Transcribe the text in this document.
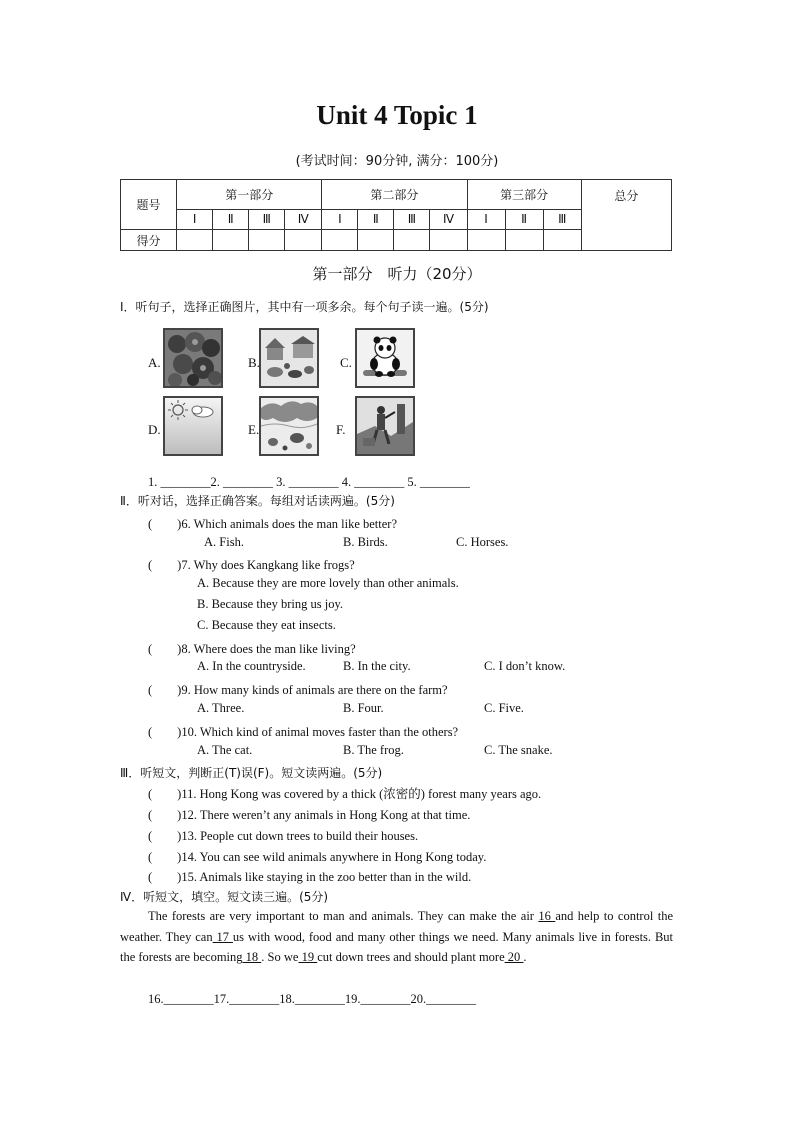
Unit 4 Topic 1
(考试时间：90分钟, 满分：100分)
题号	第一部分				第二部分				第三部分			总分
	Ⅰ	Ⅱ	Ⅲ	Ⅳ	Ⅰ	Ⅱ	Ⅲ	Ⅳ	Ⅰ	Ⅱ	Ⅲ	
得分												
第一部分　听力（20分）
Ⅰ．听句子，选择正确图片，其中有一项多余。每个句子读一遍。(5分)
A.	B.	C.
D.	E.	F.
1. ________2. ________ 3. ________ 4. ________ 5. ________
Ⅱ．听对话，选择正确答案。每组对话读两遍。(5分)
(　　)6. Which animals does the man like better?
A. Fish.	B. Birds.	C. Horses.
(　　)7. Why does Kangkang like frogs?
A. Because they are more lovely than other animals.
B. Because they bring us joy.
C. Because they eat insects.
(　　)8. Where does the man like living?
A. In the countryside.	B. In the city.	C. I don’t know.
(　　)9. How many kinds of animals are there on the farm?
A. Three.	B. Four.	C. Five.
(　　)10. Which kind of animal moves faster than the others?
A. The cat.	B. The frog.	C. The snake.
Ⅲ．听短文，判断正(T)误(F)。短文读两遍。(5分)
(　　)11. Hong Kong was covered by a thick (浓密的) forest many years ago.
(　　)12. There weren’t any animals in Hong Kong at that time.
(　　)13. People cut down trees to build their houses.
(　　)14. You can see wild animals anywhere in Hong Kong today.
(　　)15. Animals like staying in the zoo better than in the wild.
Ⅳ．听短文，填空。短文读三遍。(5分)
The forests are very important to man and animals. They can make the air 16 and help to control the weather. They can 17 us with wood, food and many other things we need. Many animals live in forests. But the forests are becoming 18 . So we 19 cut down trees and should plant more 20 .
16.________17.________18.________19.________20.________
